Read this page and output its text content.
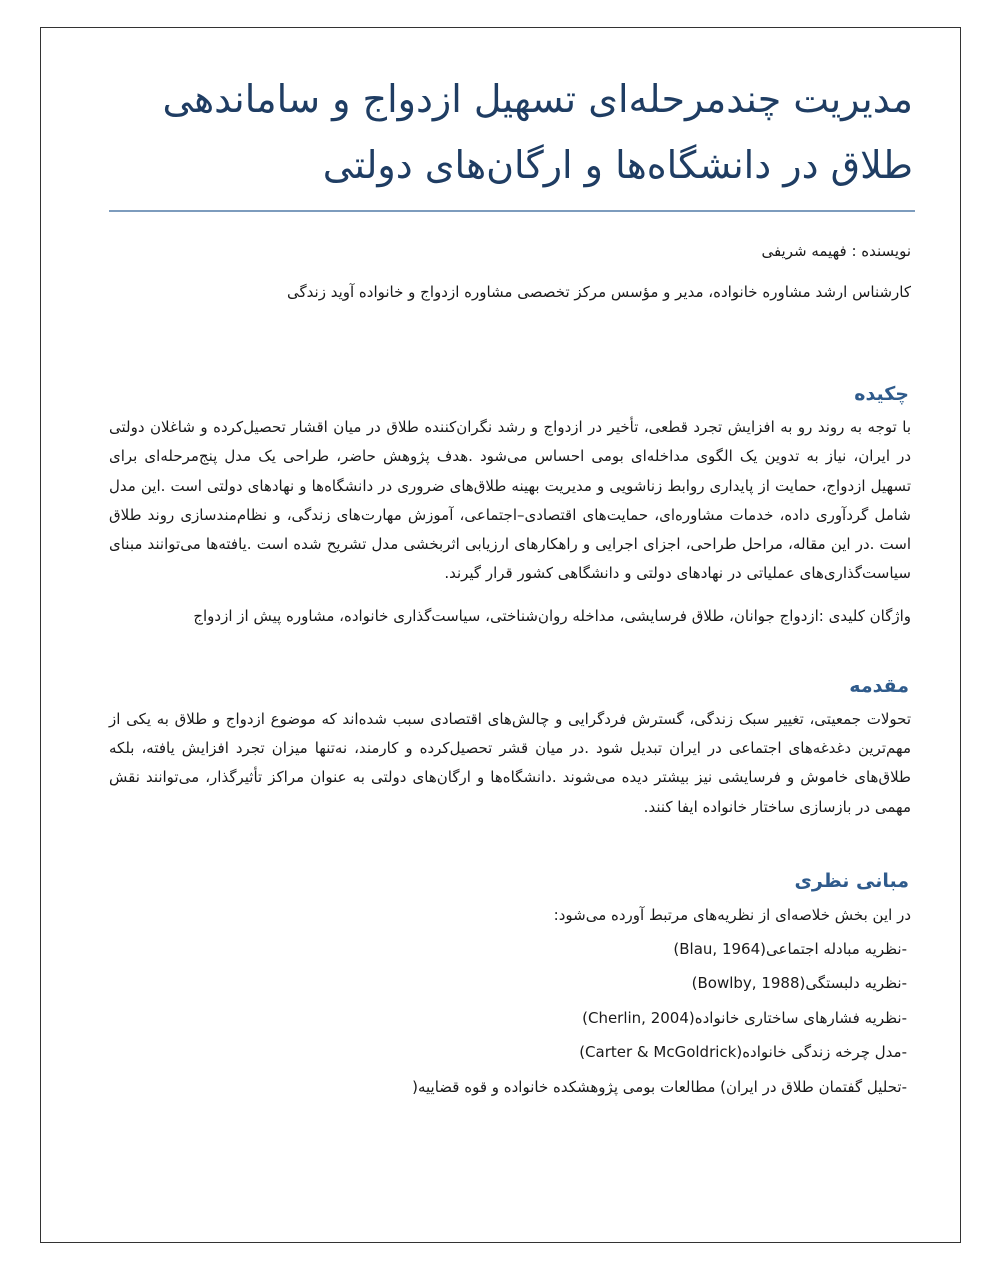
مدیریت چندمرحله‌ای تسهیل ازدواج و ساماندهی طلاق در دانشگاه‌ها و ارگان‌های دولتی
نویسنده : فهیمه شریفی
کارشناس ارشد مشاوره خانواده، مدیر و مؤسس مرکز تخصصی مشاوره ازدواج و خانواده آوید زندگی
چکیده

با توجه به روند رو به افزایش تجرد قطعی، تأخیر در ازدواج و رشد نگران‌کننده طلاق در میان اقشار تحصیل‌کرده و شاغلان دولتی در ایران، نیاز به تدوین یک الگوی مداخله‌ای بومی احساس می‌شود .هدف پژوهش حاضر، طراحی یک مدل پنج‌مرحله‌ای برای تسهیل ازدواج، حمایت از پایداری روابط زناشویی و مدیریت بهینه طلاق‌های ضروری در دانشگاه‌ها و نهادهای دولتی است .این مدل شامل گردآوری داده، خدمات مشاوره‌ای، حمایت‌های اقتصادی–اجتماعی، آموزش مهارت‌های زندگی، و نظام‌مندسازی روند طلاق است .در این مقاله، مراحل طراحی، اجزای اجرایی و راهکارهای ارزیابی اثربخشی مدل تشریح شده است .یافته‌ها می‌توانند مبنای سیاست‌گذاری‌های عملیاتی در نهادهای دولتی و دانشگاهی کشور قرار گیرند.

واژگان کلیدی :ازدواج جوانان، طلاق فرسایشی، مداخله روان‌شناختی، سیاست‌گذاری خانواده، مشاوره پیش از ازدواج
مقدمه

تحولات جمعیتی، تغییر سبک زندگی، گسترش فردگرایی و چالش‌های اقتصادی سبب شده‌اند که موضوع ازدواج و طلاق به یکی از مهم‌ترین دغدغه‌های اجتماعی در ایران تبدیل شود .در میان قشر تحصیل‌کرده و کارمند، نه‌تنها میزان تجرد افزایش یافته، بلکه طلاق‌های خاموش و فرسایشی نیز بیشتر دیده می‌شوند .دانشگاه‌ها و ارگان‌های دولتی به عنوان مراکز تأثیرگذار، می‌توانند نقش مهمی در بازسازی ساختار خانواده ایفا کنند.

مبانی نظری
در این بخش خلاصه‌ای از نظریه‌های مرتبط آورده می‌شود:
-نظریه مبادله اجتماعی(Blau, 1964)
-نظریه دلبستگی(Bowlby, 1988)
-نظریه فشارهای ساختاری خانواده(Cherlin, 2004)
-مدل چرخه زندگی خانواده(Carter & McGoldrick)
-تحلیل گفتمان طلاق در ایران) مطالعات بومی پژوهشکده خانواده و قوه قضاییه(
